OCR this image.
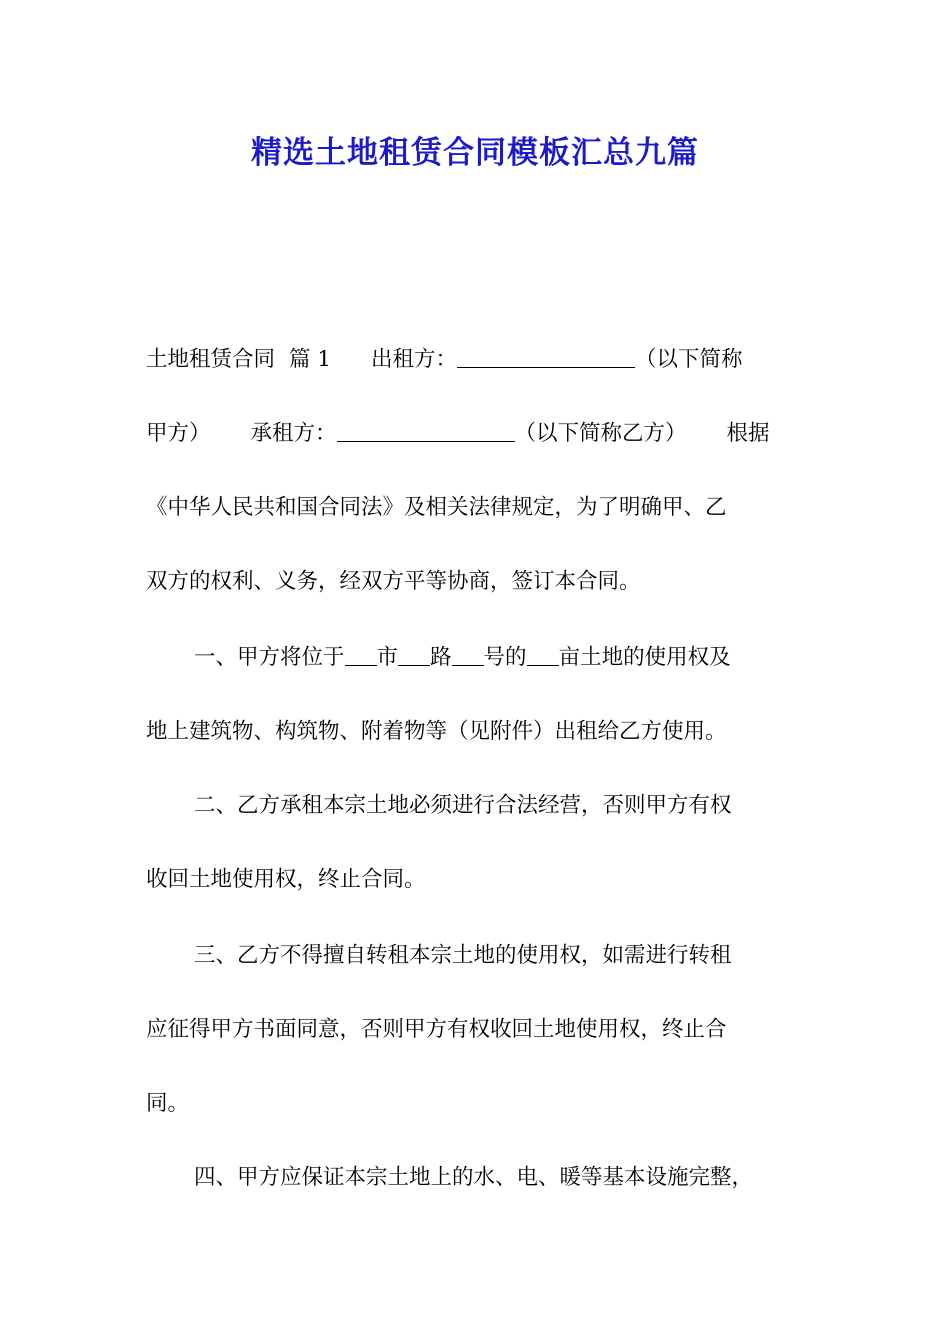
精选土地租赁合同模板汇总九篇

土地租赁合同 篇 1 出租方：	（以下简称

甲方） 承租方：	（以下简称乙方） 根据

《中华人民共和国合同法》及相关法律规定，为了明确甲、乙

双方的权利、义务，经双方平等协商，签订本合同。

一、甲方将位于 市 路 号的 亩土地的使用权及

地上建筑物、构筑物、附着物等（见附件）出租给乙方使用。

二、乙方承租本宗土地必须进行合法经营，否则甲方有权

收回土地使用权，终止合同。

三、乙方不得擅自转租本宗土地的使用权，如需进行转租

应征得甲方书面同意，否则甲方有权收回土地使用权，终止合

同。

四、甲方应保证本宗土地上的水、电、暖等基本设施完整，
